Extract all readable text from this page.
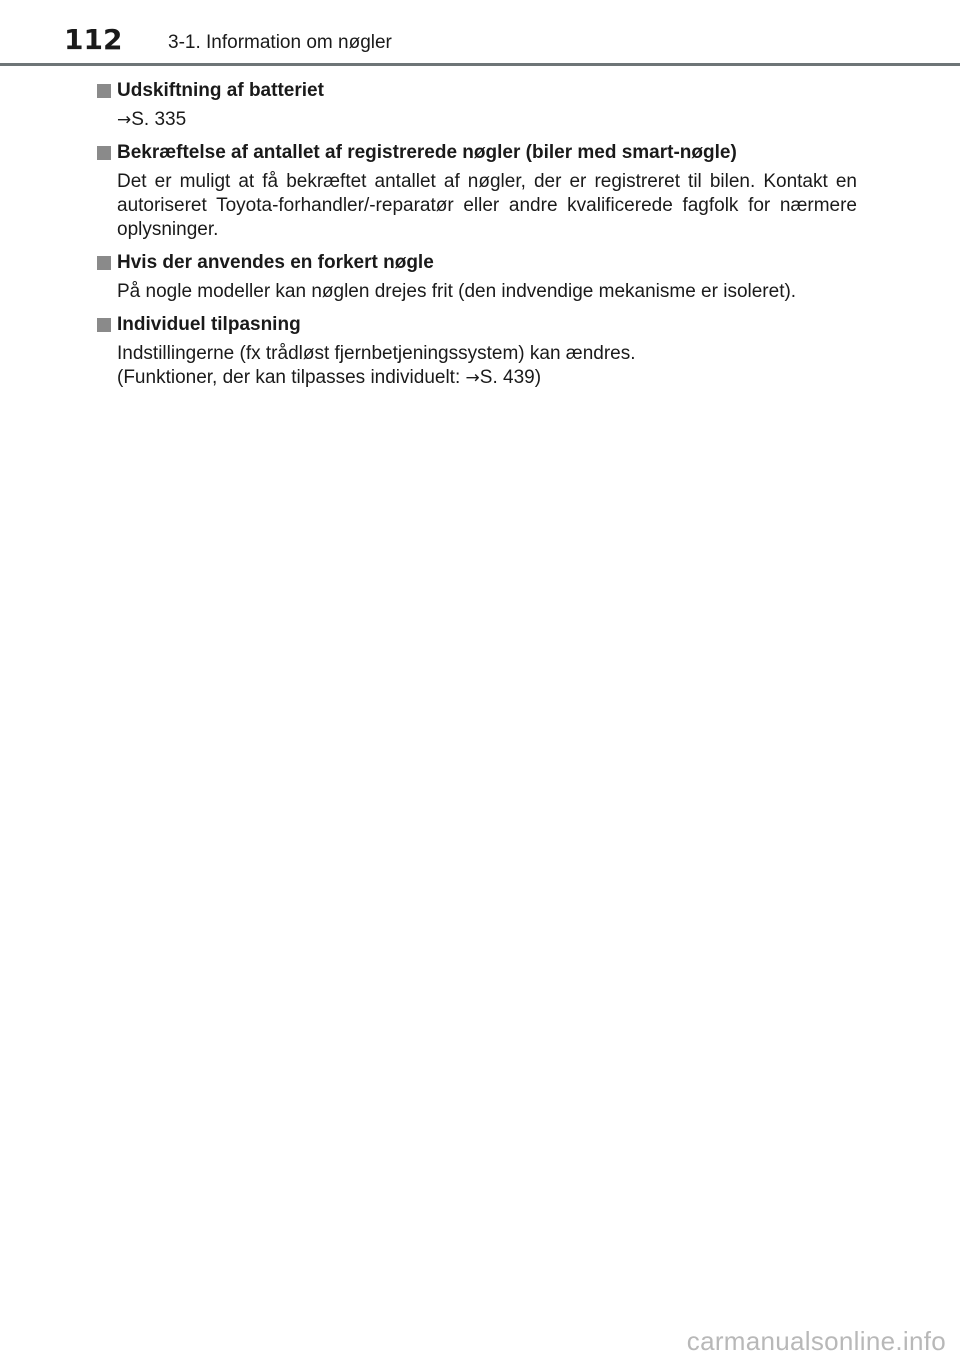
112 3-1. Information om nøgler
Udskiftning af batteriet
→S. 335
Bekræftelse af antallet af registrerede nøgler (biler med smart-nøgle)
Det er muligt at få bekræftet antallet af nøgler, der er registreret til bilen. Kontakt en autoriseret Toyota-forhandler/-reparatør eller andre kvalificerede fagfolk for nærmere oplysninger.
Hvis der anvendes en forkert nøgle
På nogle modeller kan nøglen drejes frit (den indvendige mekanisme er isoleret).
Individuel tilpasning
Indstillingerne (fx trådløst fjernbetjeningssystem) kan ændres.
(Funktioner, der kan tilpasses individuelt: →S. 439)
carmanualsonline.info
